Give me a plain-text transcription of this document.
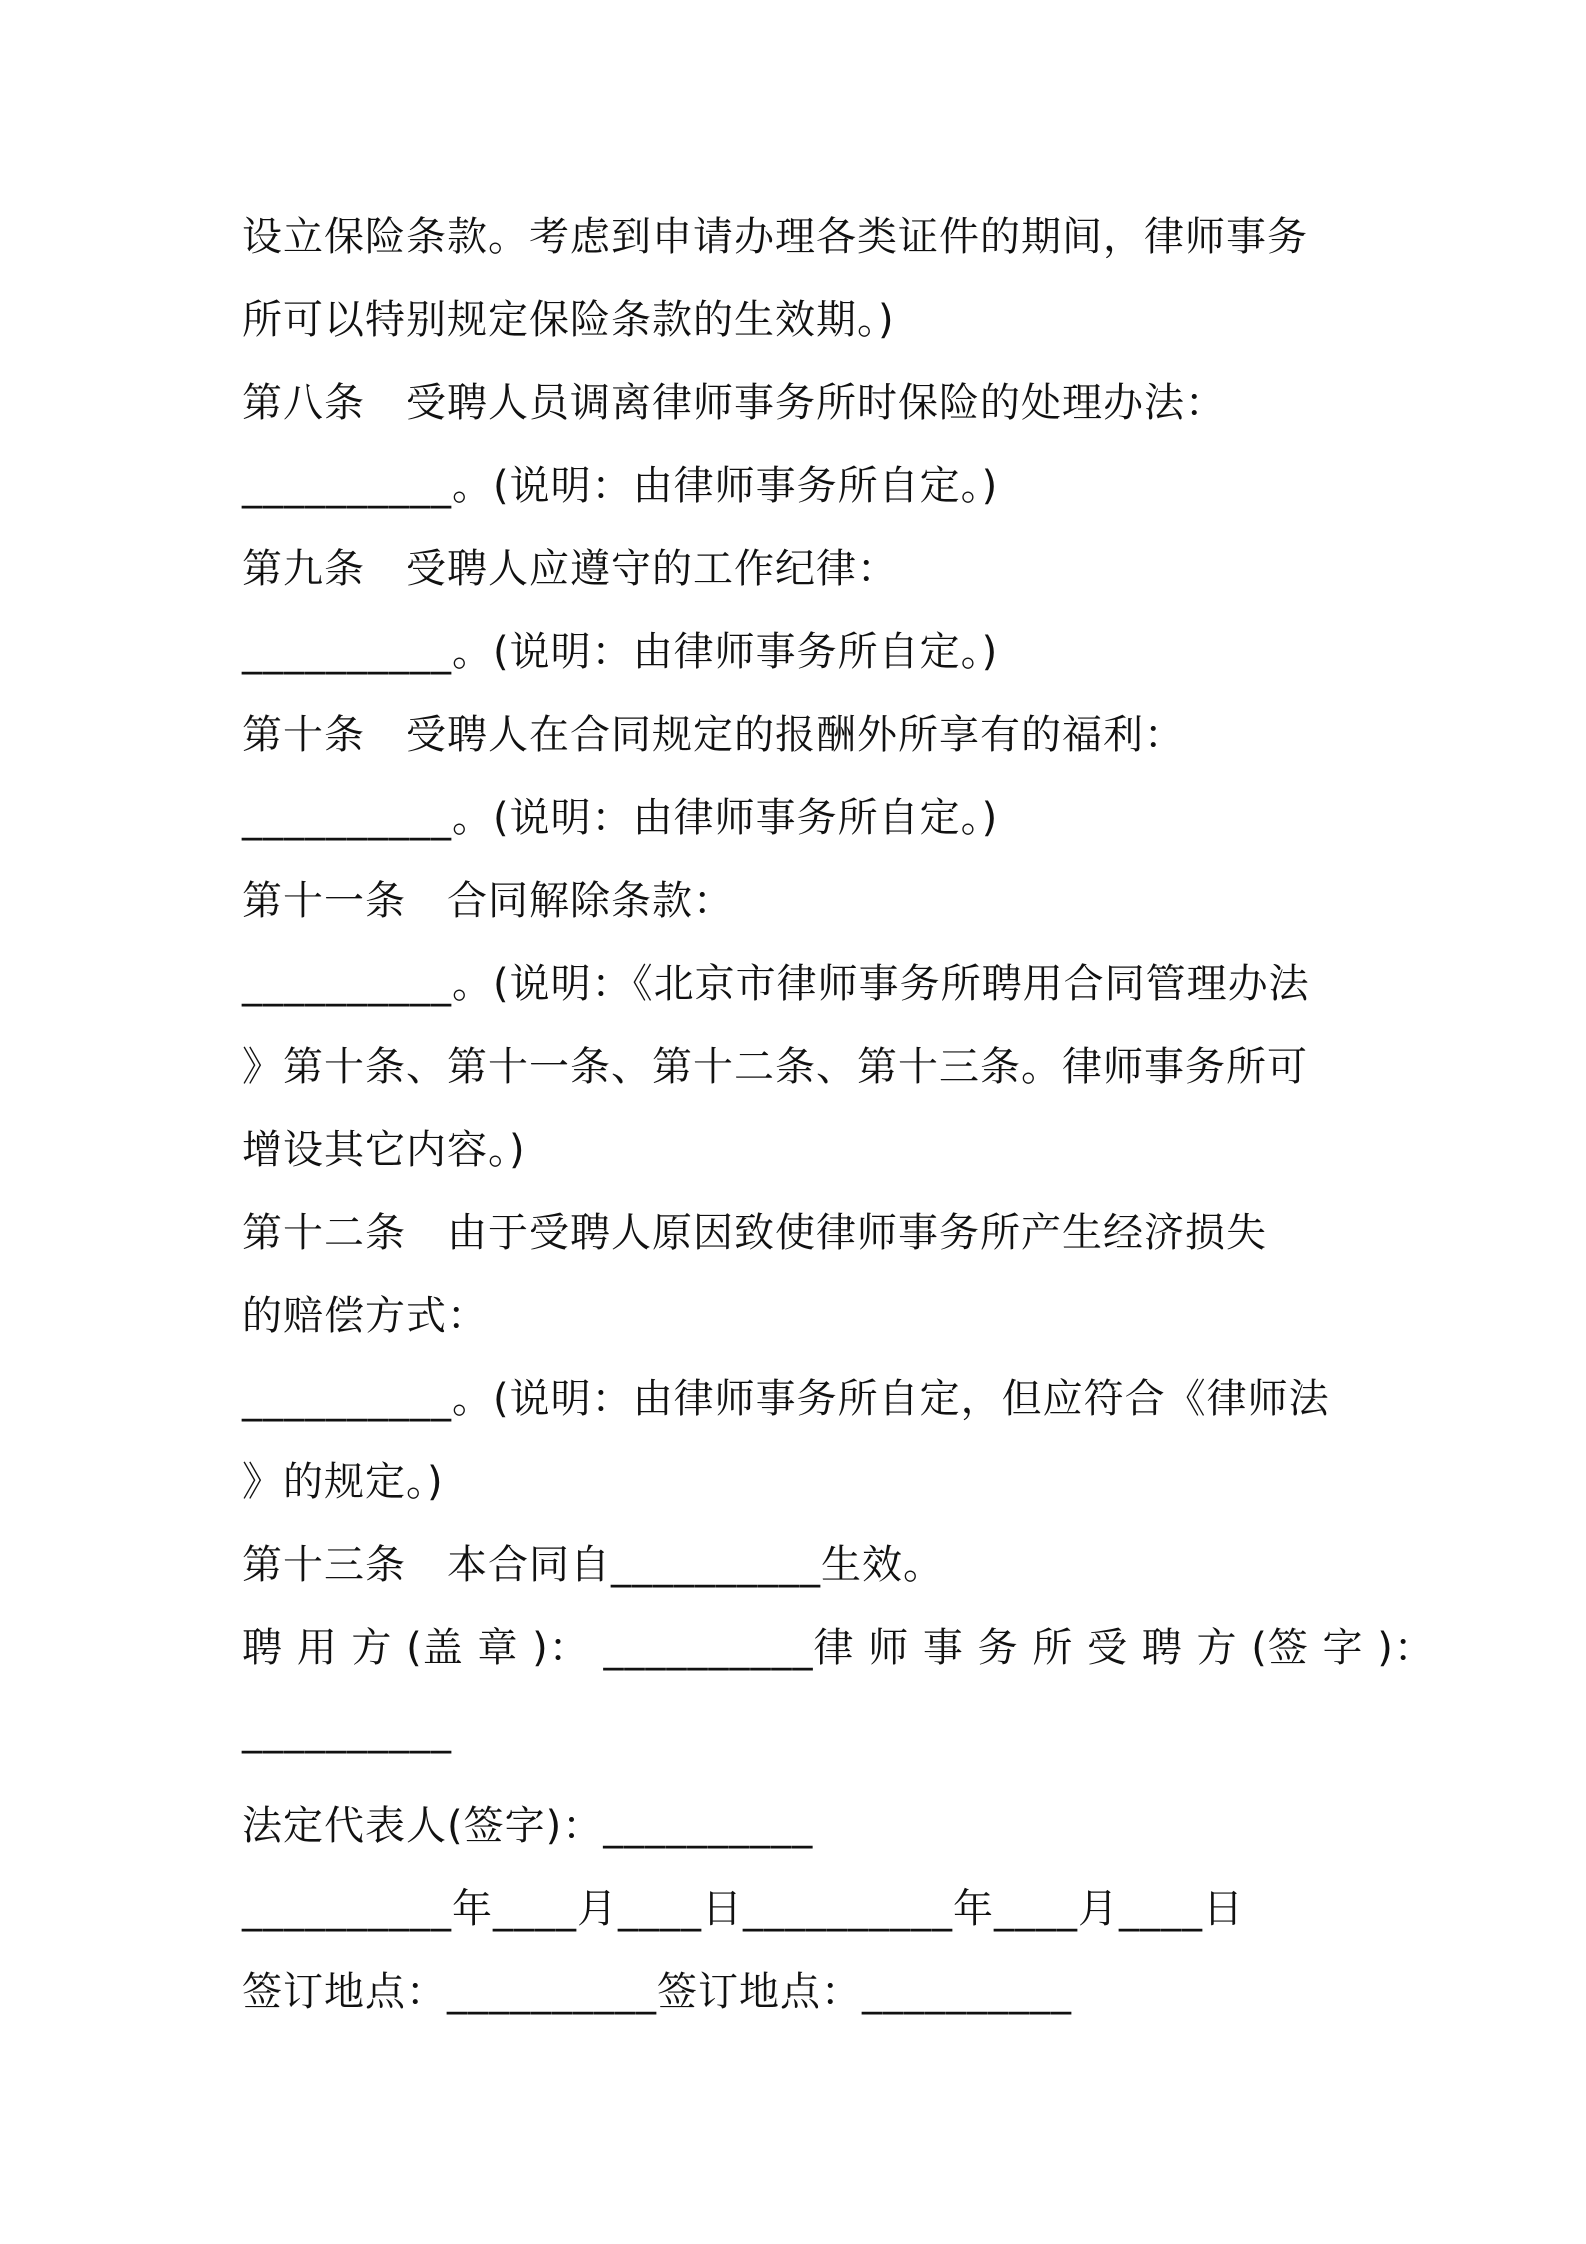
设立保险条款。考虑到申请办理各类证件的期间，律师事务
所可以特别规定保险条款的生效期。)
第八条　受聘人员调离律师事务所时保险的处理办法：
__________。(说明：由律师事务所自定。)
第九条　受聘人应遵守的工作纪律：
__________。(说明：由律师事务所自定。)
第十条　受聘人在合同规定的报酬外所享有的福利：
__________。(说明：由律师事务所自定。)
第十一条　合同解除条款：
__________。(说明：《北京市律师事务所聘用合同管理办法
》第十条、第十一条、第十二条、第十三条。律师事务所可
增设其它内容。)
第十二条　由于受聘人原因致使律师事务所产生经济损失
的赔偿方式：
__________。(说明：由律师事务所自定，但应符合《律师法
》的规定。)
第十三条　本合同自__________生效。
聘 用 方 (盖 章 )： __________律 师 事 务 所 受 聘 方 (签 字 )：
__________
法定代表人(签字)：__________
__________年____月____日__________年____月____日
签订地点：__________签订地点：__________
